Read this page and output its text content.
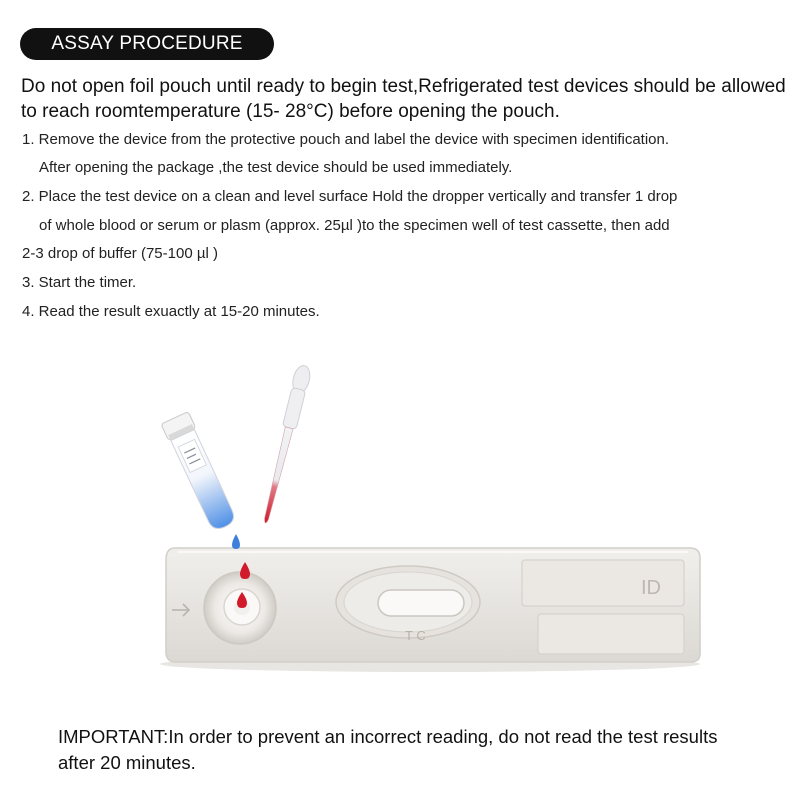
ASSAY PROCEDURE
Do not open foil pouch until ready to begin test,Refrigerated test devices should be allowed to reach roomtemperature (15- 28°C) before opening the pouch.
1. Remove the device from the protective pouch and label the device with specimen identification.
After opening the package ,the test device should be used immediately.
2. Place the test device on a clean and level surface Hold the dropper vertically and transfer 1 drop
of whole blood or serum or plasm (approx. 25µl )to the specimen well of test cassette, then add
2-3 drop of buffer (75-100 µl )
3. Start the timer.
4. Read the result exuactly at 15-20 minutes.
T C
ID
IMPORTANT:In order to prevent an incorrect reading, do not read the test results after 20 minutes.
